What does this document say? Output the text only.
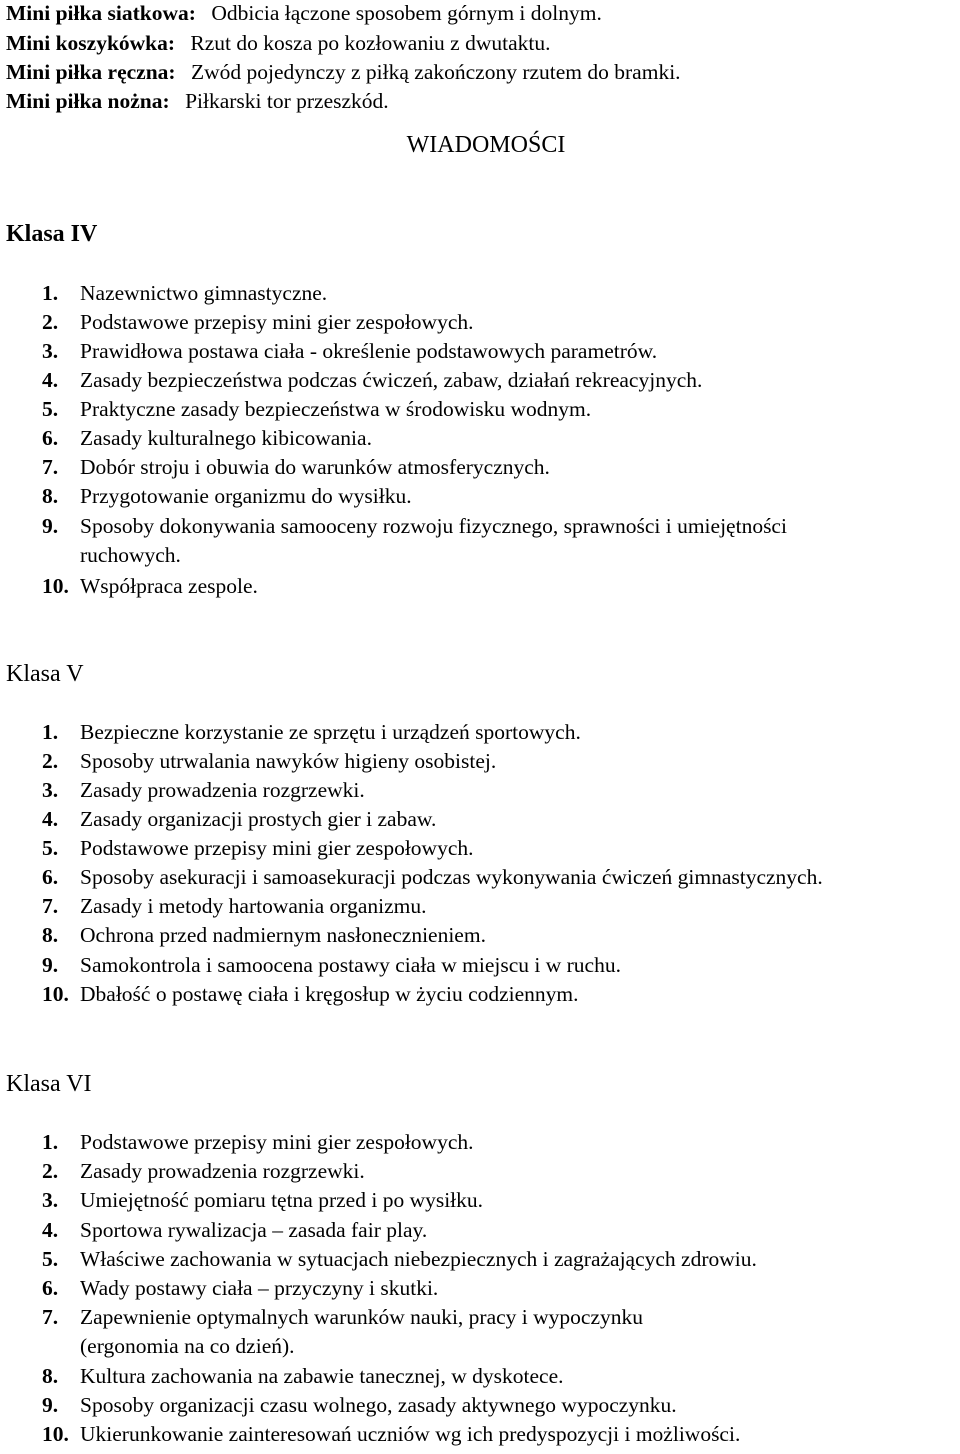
Mini piłka siatkowa: Odbicia łączone sposobem górnym i dolnym.
Mini koszykówka: Rzut do kosza po kozłowaniu z dwutaktu.
Mini piłka ręczna: Zwód pojedynczy z piłką zakończony rzutem do bramki.
Mini piłka nożna: Piłkarski tor przeszkód.
WIADOMOŚCI
Klasa IV
1. Nazewnictwo gimnastyczne.
2. Podstawowe przepisy mini gier zespołowych.
3. Prawidłowa postawa ciała - określenie podstawowych parametrów.
4. Zasady bezpieczeństwa podczas ćwiczeń, zabaw, działań rekreacyjnych.
5. Praktyczne zasady bezpieczeństwa w środowisku wodnym.
6. Zasady kulturalnego kibicowania.
7. Dobór stroju i obuwia do warunków atmosferycznych.
8. Przygotowanie organizmu do wysiłku.
9. Sposoby dokonywania samooceny rozwoju fizycznego, sprawności i umiejętności
ruchowych.
10. Współpraca zespole.
Klasa V
1. Bezpieczne korzystanie ze sprzętu i urządzeń sportowych.
2. Sposoby utrwalania nawyków higieny osobistej.
3. Zasady prowadzenia rozgrzewki.
4. Zasady organizacji prostych gier i zabaw.
5. Podstawowe przepisy mini gier zespołowych.
6. Sposoby asekuracji i samoasekuracji podczas wykonywania ćwiczeń gimnastycznych.
7. Zasady i metody hartowania organizmu.
8. Ochrona przed nadmiernym nasłonecznieniem.
9. Samokontrola i samoocena postawy ciała w miejscu i w ruchu.
10. Dbałość o postawę ciała i kręgosłup w życiu codziennym.
Klasa VI
1. Podstawowe przepisy mini gier zespołowych.
2. Zasady prowadzenia rozgrzewki.
3. Umiejętność pomiaru tętna przed i po wysiłku.
4. Sportowa rywalizacja – zasada fair play.
5. Właściwe zachowania w sytuacjach niebezpiecznych i zagrażających zdrowiu.
6. Wady postawy ciała – przyczyny i skutki.
7. Zapewnienie optymalnych warunków nauki, pracy i wypoczynku
(ergonomia na co dzień).
8. Kultura zachowania na zabawie tanecznej, w dyskotece.
9. Sposoby organizacji czasu wolnego, zasady aktywnego wypoczynku.
10. Ukierunkowanie zainteresowań uczniów wg ich predyspozycji i możliwości.
